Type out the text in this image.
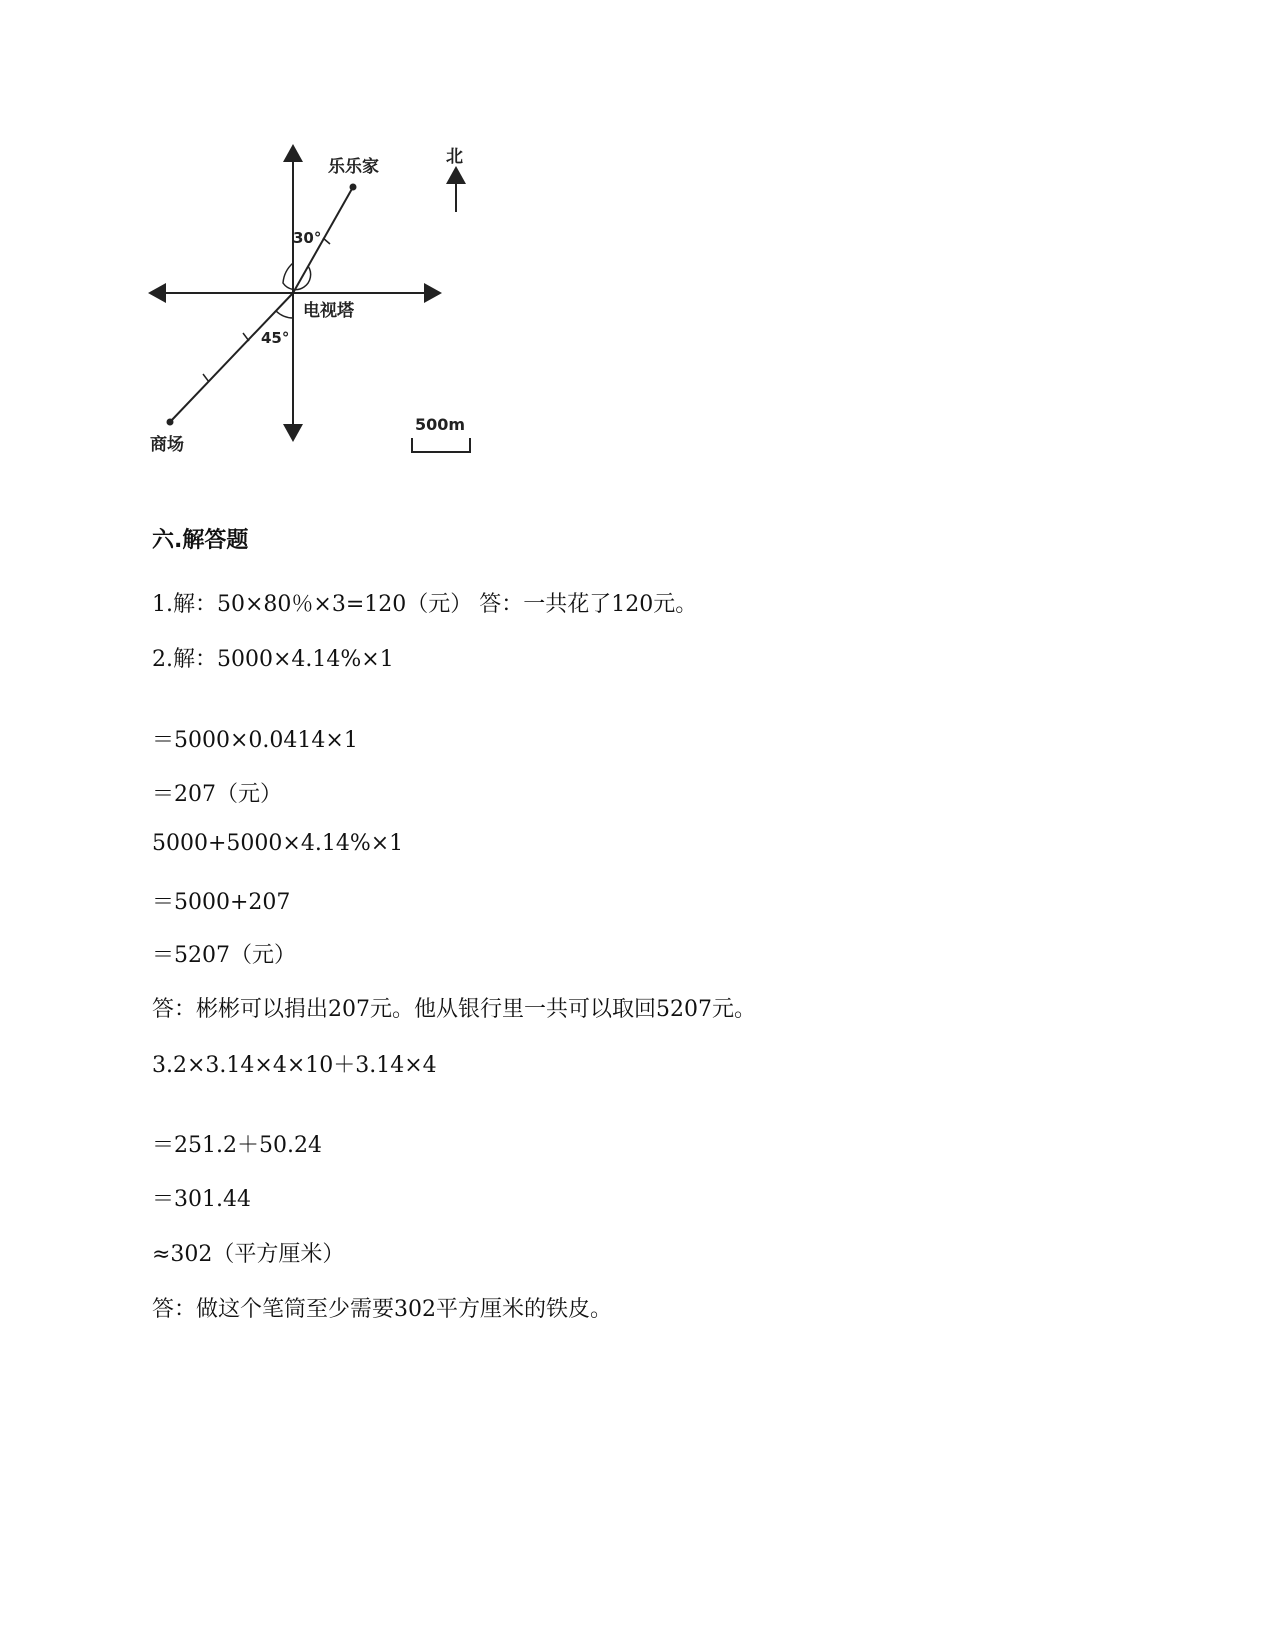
乐乐家
30°
45°
电视塔
商场
北
500m
六.解答题
1.解：50×80％×3=120（元） 答：一共花了120元。
2.解：5000×4.14%×1
＝5000×0.0414×1
＝207（元）
5000+5000×4.14%×1
＝5000+207
＝5207（元）
答：彬彬可以捐出207元。他从银行里一共可以取回5207元。
3.2×3.14×4×10＋3.14×4
＝251.2＋50.24
＝301.44
≈302（平方厘米）
答：做这个笔筒至少需要302平方厘米的铁皮。
